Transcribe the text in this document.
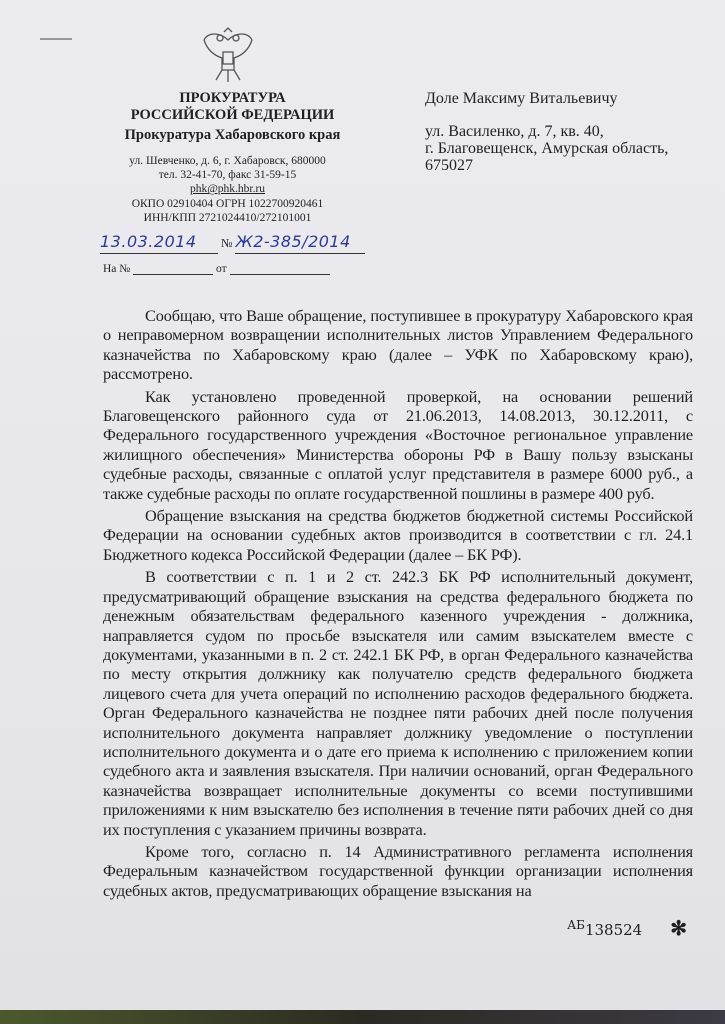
ПРОКУРАТУРА
РОССИЙСКОЙ ФЕДЕРАЦИИ
Прокуратура Хабаровского края
ул. Шевченко, д. 6, г. Хабаровск, 680000
тел. 32-41-70, факс 31-59-15
phk@phk.hbr.ru
ОКПО 02910404 ОГРН 1022700920461
ИНН/КПП 2721024410/272101001
13.03.2014 № Ж2-385/2014
На №	от
Доле Максиму Витальевичу
ул. Василенко, д. 7, кв. 40,
г. Благовещенск, Амурская область,
675027

Сообщаю, что Ваше обращение, поступившее в прокуратуру Хабаровского края о неправомерном возвращении исполнительных листов Управлением Федерального казначейства по Хабаровскому краю (далее – УФК по Хабаровскому краю), рассмотрено.

Как установлено проведенной проверкой, на основании решений Благовещенского районного суда от 21.06.2013, 14.08.2013, 30.12.2011, с Федерального государственного учреждения «Восточное региональное управление жилищного обеспечения» Министерства обороны РФ в Вашу пользу взысканы судебные расходы, связанные с оплатой услуг представителя в размере 6000 руб., а также судебные расходы по оплате государственной пошлины в размере 400 руб.

Обращение взыскания на средства бюджетов бюджетной системы Российской Федерации на основании судебных актов производится в соответствии с гл. 24.1 Бюджетного кодекса Российской Федерации (далее – БК РФ).

В соответствии с п. 1 и 2 ст. 242.3 БК РФ исполнительный документ, предусматривающий обращение взыскания на средства федерального бюджета по денежным обязательствам федерального казенного учреждения - должника, направляется судом по просьбе взыскателя или самим взыскателем вместе с документами, указанными в п. 2 ст. 242.1 БК РФ, в орган Федерального казначейства по месту открытия должнику как получателю средств федерального бюджета лицевого счета для учета операций по исполнению расходов федерального бюджета. Орган Федерального казначейства не позднее пяти рабочих дней после получения исполнительного документа направляет должнику уведомление о поступлении исполнительного документа и о дате его приема к исполнению с приложением копии судебного акта и заявления взыскателя. При наличии оснований, орган Федерального казначейства возвращает исполнительные документы со всеми поступившими приложениями к ним взыскателю без исполнения в течение пяти рабочих дней со дня их поступления с указанием причины возврата.

Кроме того, согласно п. 14 Административного регламента исполнения Федеральным казначейством государственной функции организации исполнения судебных актов, предусматривающих обращение взыскания на

$^{АБ}$138524 ✻
